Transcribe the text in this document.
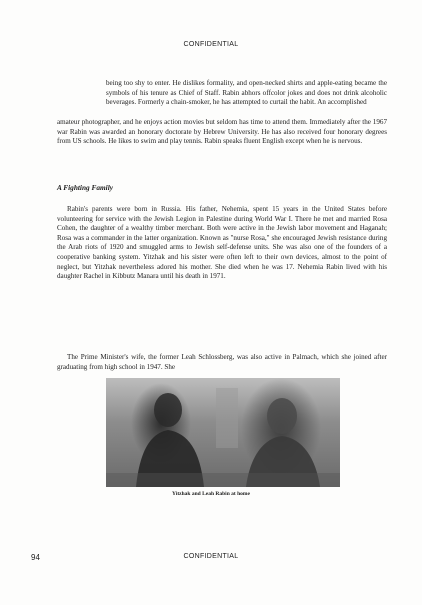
CONFIDENTIAL

being too shy to enter. He dislikes formality, and open-necked shirts and apple-eating became the symbols of his tenure as Chief of Staff. Rabin abhors offcolor jokes and does not drink alcoholic beverages. Formerly a chain-smoker, he has attempted to curtail the habit. An accomplished

amateur photographer, and he enjoys action movies but seldom has time to attend them. Immediately after the 1967 war Rabin was awarded an honorary doctorate by Hebrew University. He has also received four honorary degrees from US schools. He likes to swim and play tennis. Rabin speaks fluent English except when he is nervous.

A Fighting Family

Rabin's parents were born in Russia. His father, Nehemia, spent 15 years in the United States before volunteering for service with the Jewish Legion in Palestine during World War I. There he met and married Rosa Cohen, the daughter of a wealthy timber merchant. Both were active in the Jewish labor movement and Haganah; Rosa was a commander in the latter organization. Known as "nurse Rosa," she encouraged Jewish resistance during the Arab riots of 1920 and smuggled arms to Jewish self-defense units. She was also one of the founders of a cooperative banking system. Yitzhak and his sister were often left to their own devices, almost to the point of neglect, but Yitzhak nevertheless adored his mother. She died when he was 17. Nehemia Rabin lived with his daughter Rachel in Kibbutz Manara until his death in 1971.

The Prime Minister's wife, the former Leah Schlossberg, was also active in Palmach, which she joined after graduating from high school in 1947. She

Yitzhak and Leah Rabin at home
94	CONFIDENTIAL
